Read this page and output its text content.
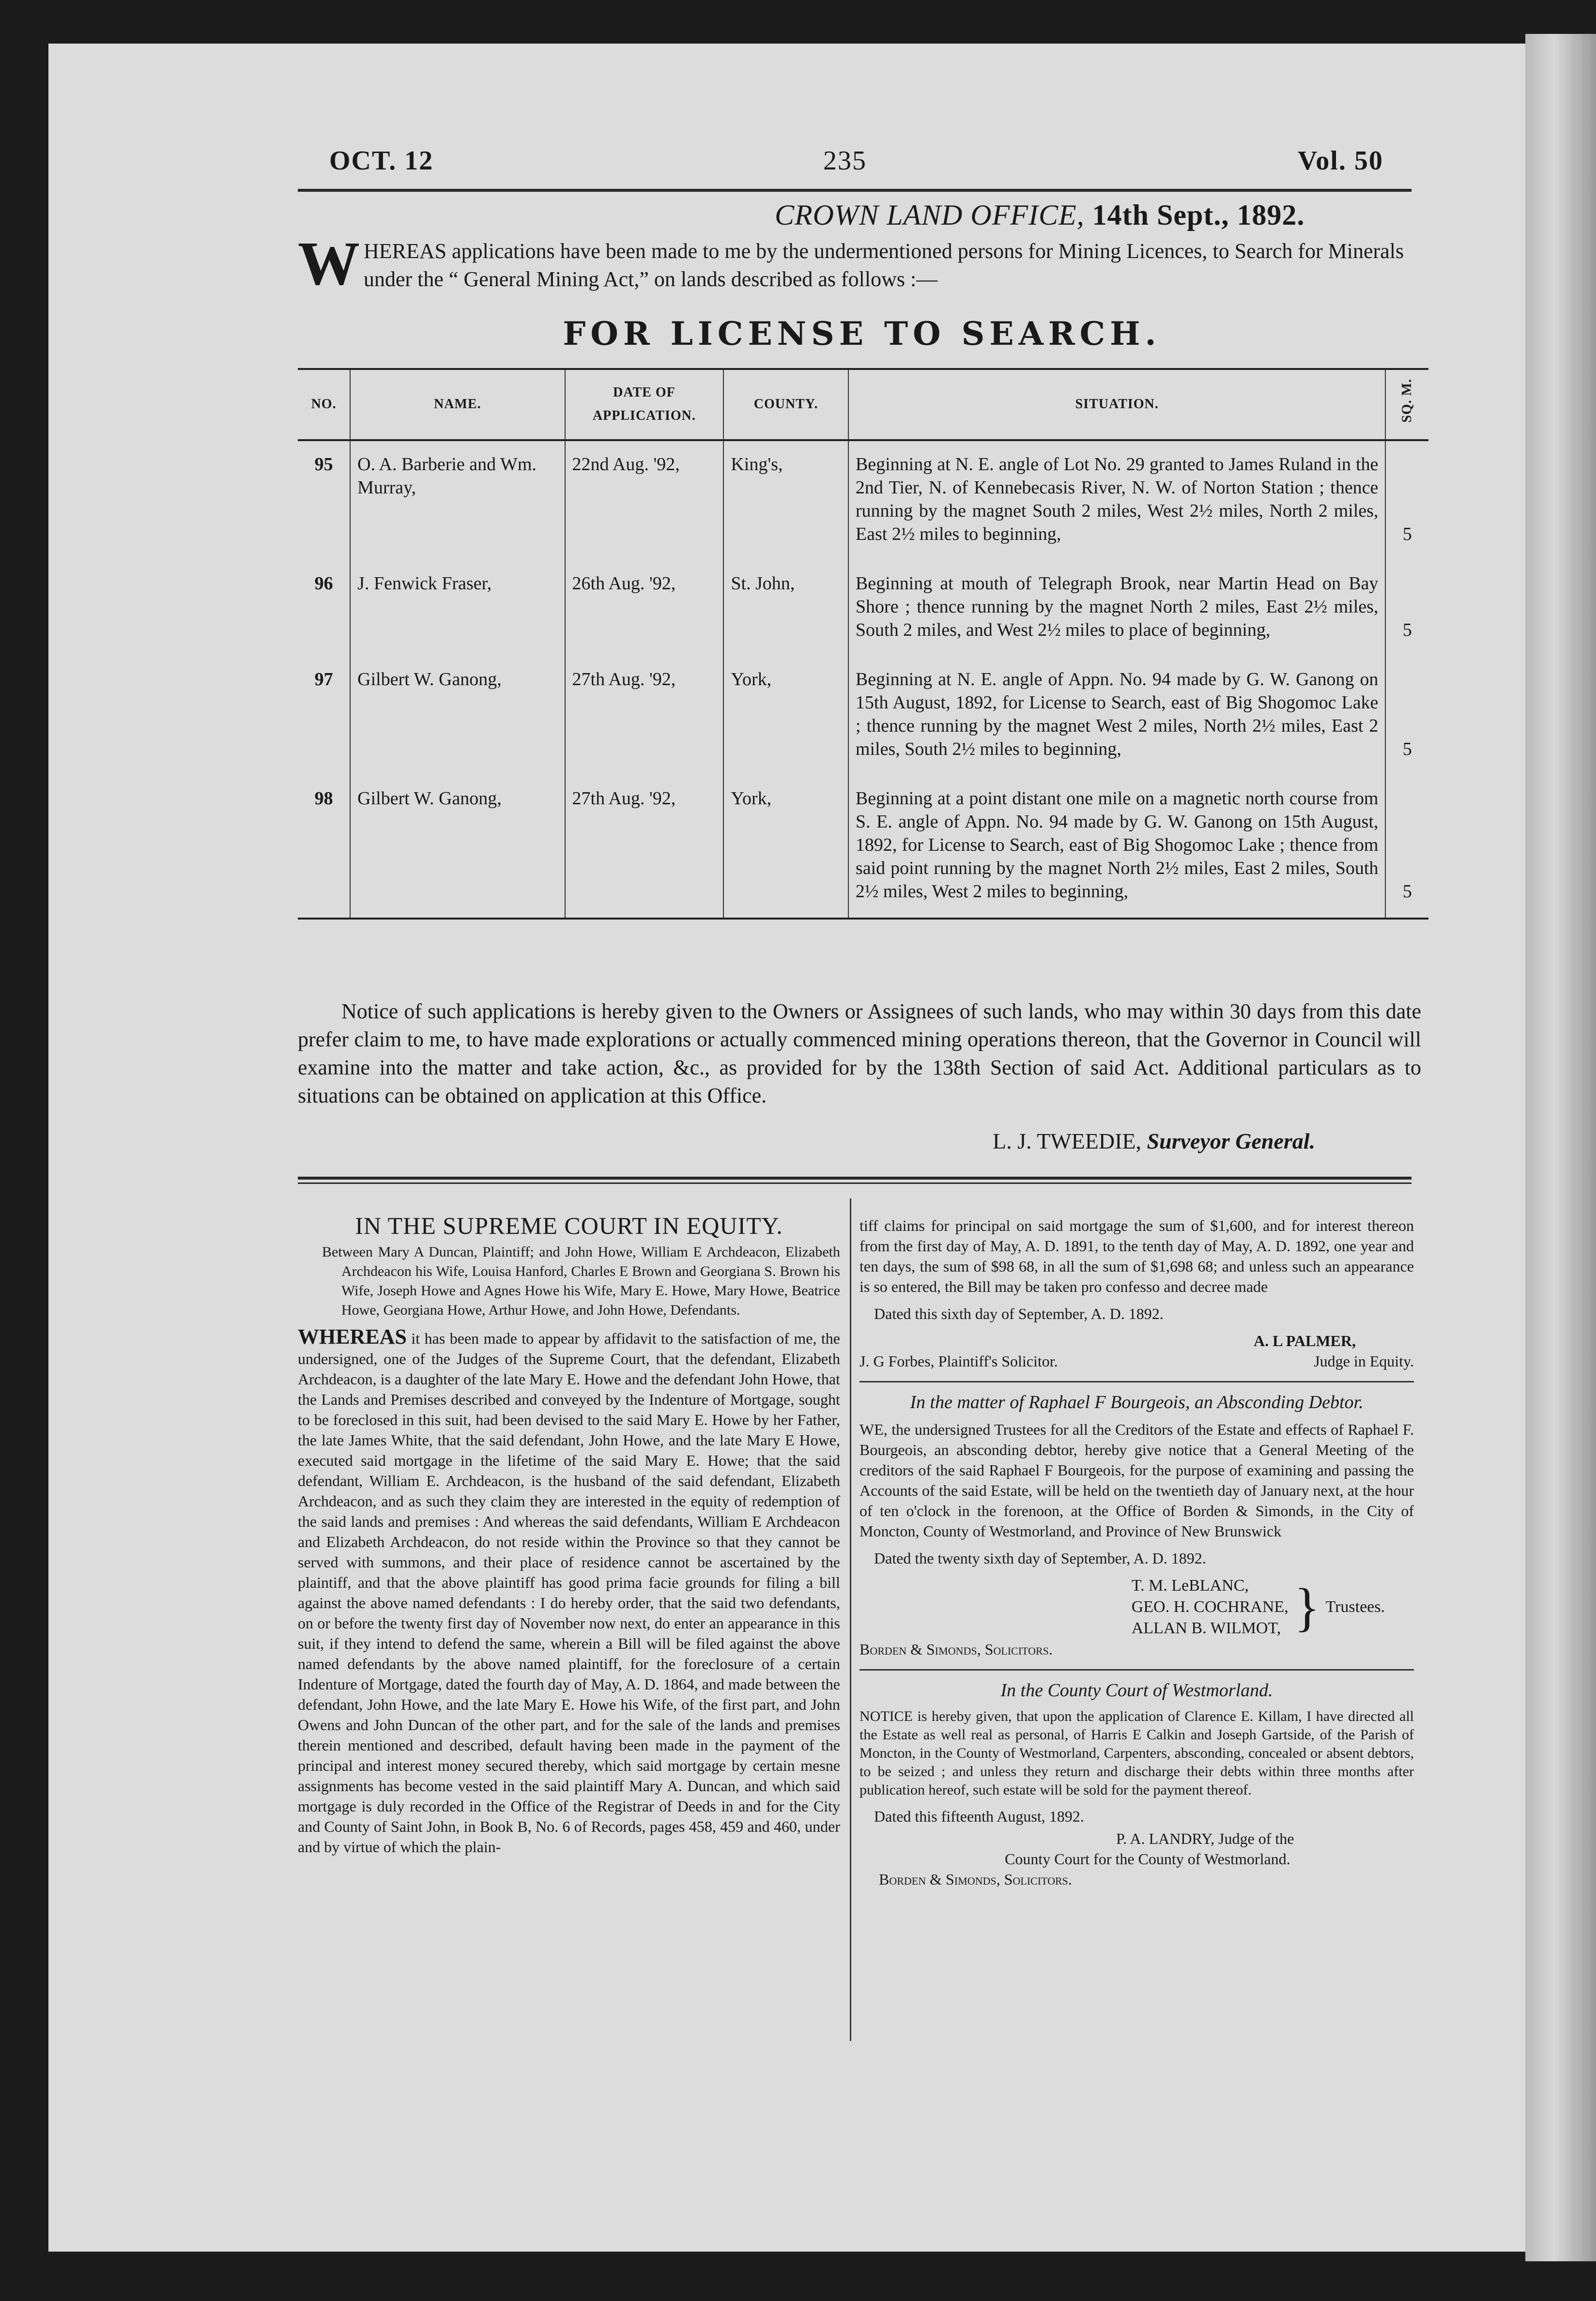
OCT. 12	235	Vol. 50
CROWN LAND OFFICE, 14th Sept., 1892.
W HEREAS applications have been made to me by the undermentioned persons for Mining Licences, to Search for Minerals under the “ General Mining Act,” on lands described as follows :—
FOR LICENSE TO SEARCH.
NO.	NAME.	DATE OF APPLICATION.	COUNTY.	SITUATION.	SQ. M.
95	O. A. Barberie and Wm. Murray,	22nd Aug. '92,	King's,	Beginning at N. E. angle of Lot No. 29 granted to James Ruland in the 2nd Tier, N. of Kennebecasis River, N. W. of Norton Station ; thence running by the magnet South 2 miles, West 2½ miles, North 2 miles, East 2½ miles to beginning,	5
96	J. Fenwick Fraser,	26th Aug. '92,	St. John,	Beginning at mouth of Telegraph Brook, near Martin Head on Bay Shore ; thence running by the magnet North 2 miles, East 2½ miles, South 2 miles, and West 2½ miles to place of beginning,	5
97	Gilbert W. Ganong,	27th Aug. '92,	York,	Beginning at N. E. angle of Appn. No. 94 made by G. W. Ganong on 15th August, 1892, for License to Search, east of Big Shogomoc Lake ; thence running by the magnet West 2 miles, North 2½ miles, East 2 miles, South 2½ miles to beginning,	5
98	Gilbert W. Ganong,	27th Aug. '92,	York,	Beginning at a point distant one mile on a magnetic north course from S. E. angle of Appn. No. 94 made by G. W. Ganong on 15th August, 1892, for License to Search, east of Big Shogomoc Lake ; thence from said point running by the magnet North 2½ miles, East 2 miles, South 2½ miles, West 2 miles to beginning,	5
Notice of such applications is hereby given to the Owners or Assignees of such lands, who may within 30 days from this date prefer claim to me, to have made explorations or actually commenced mining operations thereon, that the Governor in Council will examine into the matter and take action, &c., as provided for by the 138th Section of said Act. Additional particulars as to situations can be obtained on application at this Office.
L. J. TWEEDIE, Surveyor General.
IN THE SUPREME COURT IN EQUITY.

Between Mary A Duncan, Plaintiff; and John Howe, William E Archdeacon, Elizabeth Archdeacon his Wife, Louisa Hanford, Charles E Brown and Georgiana S. Brown his Wife, Joseph Howe and Agnes Howe his Wife, Mary E. Howe, Mary Howe, Beatrice Howe, Georgiana Howe, Arthur Howe, and John Howe, Defendants.

WHEREAS it has been made to appear by affidavit to the satisfaction of me, the undersigned, one of the Judges of the Supreme Court, that the defendant, Elizabeth Archdeacon, is a daughter of the late Mary E. Howe and the defendant John Howe, that the Lands and Premises described and conveyed by the Indenture of Mortgage, sought to be foreclosed in this suit, had been devised to the said Mary E. Howe by her Father, the late James White, that the said defendant, John Howe, and the late Mary E Howe, executed said mortgage in the lifetime of the said Mary E. Howe; that the said defendant, William E. Archdeacon, is the husband of the said defendant, Elizabeth Archdeacon, and as such they claim they are interested in the equity of redemption of the said lands and premises : And whereas the said defendants, William E Archdeacon and Elizabeth Archdeacon, do not reside within the Province so that they cannot be served with summons, and their place of residence cannot be ascertained by the plaintiff, and that the above plaintiff has good prima facie grounds for filing a bill against the above named defendants : I do hereby order, that the said two defendants, on or before the twenty first day of November now next, do enter an appearance in this suit, if they intend to defend the same, wherein a Bill will be filed against the above named defendants by the above named plaintiff, for the foreclosure of a certain Indenture of Mortgage, dated the fourth day of May, A. D. 1864, and made between the defendant, John Howe, and the late Mary E. Howe his Wife, of the first part, and John Owens and John Duncan of the other part, and for the sale of the lands and premises therein mentioned and described, default having been made in the payment of the principal and interest money secured thereby, which said mortgage by certain mesne assignments has become vested in the said plaintiff Mary A. Duncan, and which said mortgage is duly recorded in the Office of the Registrar of Deeds in and for the City and County of Saint John, in Book B, No. 6 of Records, pages 458, 459 and 460, under and by virtue of which the plain-

tiff claims for principal on said mortgage the sum of $1,600, and for interest thereon from the first day of May, A. D. 1891, to the tenth day of May, A. D. 1892, one year and ten days, the sum of $98 68, in all the sum of $1,698 68; and unless such an appearance is so entered, the Bill may be taken pro confesso and decree made

Dated this sixth day of September, A. D. 1892.

A. L PALMER,
J. G Forbes, Plaintiff's Solicitor.	Judge in Equity.
In the matter of Raphael F Bourgeois, an Absconding Debtor.

WE, the undersigned Trustees for all the Creditors of the Estate and effects of Raphael F. Bourgeois, an absconding debtor, hereby give notice that a General Meeting of the creditors of the said Raphael F Bourgeois, for the purpose of examining and passing the Accounts of the said Estate, will be held on the twentieth day of January next, at the hour of ten o'clock in the forenoon, at the Office of Borden & Simonds, in the City of Moncton, County of Westmorland, and Province of New Brunswick

Dated the twenty sixth day of September, A. D. 1892.

T. M. LeBLANC,
GEO. H. COCHRANE,
ALLAN B. WILMOT, } Trustees.
Borden & Simonds, Solicitors.
In the County Court of Westmorland.

NOTICE is hereby given, that upon the application of Clarence E. Killam, I have directed all the Estate as well real as personal, of Harris E Calkin and Joseph Gartside, of the Parish of Moncton, in the County of Westmorland, Carpenters, absconding, concealed or absent debtors, to be seized ; and unless they return and discharge their debts within three months after publication hereof, such estate will be sold for the payment thereof.

Dated this fifteenth August, 1892.

P. A. LANDRY, Judge of the
County Court for the County of Westmorland.
Borden & Simonds, Solicitors.
